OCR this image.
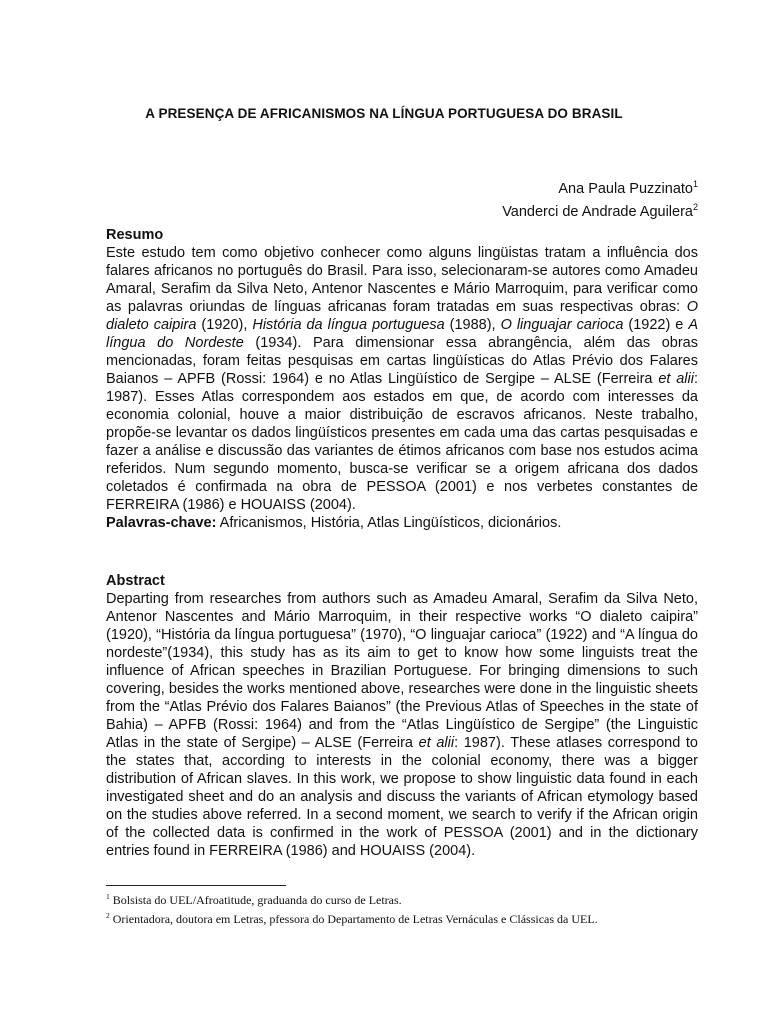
A PRESENÇA DE AFRICANISMOS NA LÍNGUA PORTUGUESA DO BRASIL
Ana Paula Puzzinato$^1$
Vanderci de Andrade Aguilera$^2$
Resumo
Este estudo tem como objetivo conhecer como alguns lingüistas tratam a influência dos falares africanos no português do Brasil. Para isso, selecionaram-se autores como Amadeu Amaral, Serafim da Silva Neto, Antenor Nascentes e Mário Marroquim, para verificar como as palavras oriundas de línguas africanas foram tratadas em suas respectivas obras: O dialeto caipira (1920), História da língua portuguesa (1988), O linguajar carioca (1922) e A língua do Nordeste (1934). Para dimensionar essa abrangência, além das obras mencionadas, foram feitas pesquisas em cartas lingüísticas do Atlas Prévio dos Falares Baianos – APFB (Rossi: 1964) e no Atlas Lingüístico de Sergipe – ALSE (Ferreira et alii: 1987). Esses Atlas correspondem aos estados em que, de acordo com interesses da economia colonial, houve a maior distribuição de escravos africanos. Neste trabalho, propõe-se levantar os dados lingüísticos presentes em cada uma das cartas pesquisadas e fazer a análise e discussão das variantes de étimos africanos com base nos estudos acima referidos. Num segundo momento, busca-se verificar se a origem africana dos dados coletados é confirmada na obra de PESSOA (2001) e nos verbetes constantes de FERREIRA (1986) e HOUAISS (2004).
Palavras-chave: Africanismos, História, Atlas Lingüísticos, dicionários.
Abstract
Departing from researches from authors such as Amadeu Amaral, Serafim da Silva Neto, Antenor Nascentes and Mário Marroquim, in their respective works “O dialeto caipira” (1920), “História da língua portuguesa” (1970), “O linguajar carioca” (1922) and “A língua do nordeste”(1934), this study has as its aim to get to know how some linguists treat the influence of African speeches in Brazilian Portuguese. For bringing dimensions to such covering, besides the works mentioned above, researches were done in the linguistic sheets from the “Atlas Prévio dos Falares Baianos” (the Previous Atlas of Speeches in the state of Bahia) – APFB (Rossi: 1964) and from the “Atlas Lingüístico de Sergipe” (the Linguistic Atlas in the state of Sergipe) – ALSE (Ferreira et alii: 1987). These atlases correspond to the states that, according to interests in the colonial economy, there was a bigger distribution of African slaves. In this work, we propose to show linguistic data found in each investigated sheet and do an analysis and discuss the variants of African etymology based on the studies above referred. In a second moment, we search to verify if the African origin of the collected data is confirmed in the work of PESSOA (2001) and in the dictionary entries found in FERREIRA (1986) and HOUAISS (2004).
$^1$ Bolsista do UEL/Afroatitude, graduanda do curso de Letras.
$^2$ Orientadora, doutora em Letras, pfessora do Departamento de Letras Vernáculas e Clássicas da UEL.
